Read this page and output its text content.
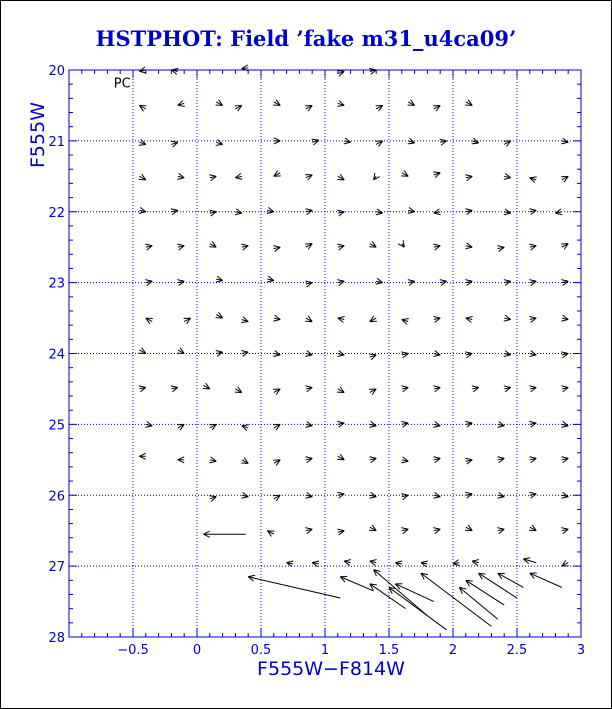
HSTPHOT: Field ’fake m31_u4ca09’
−0.5	0	0.5	1	1.5	2	2.5	3
20
21
22
23
24
25
26
27
28
PC
F555W−F814W
F555W
